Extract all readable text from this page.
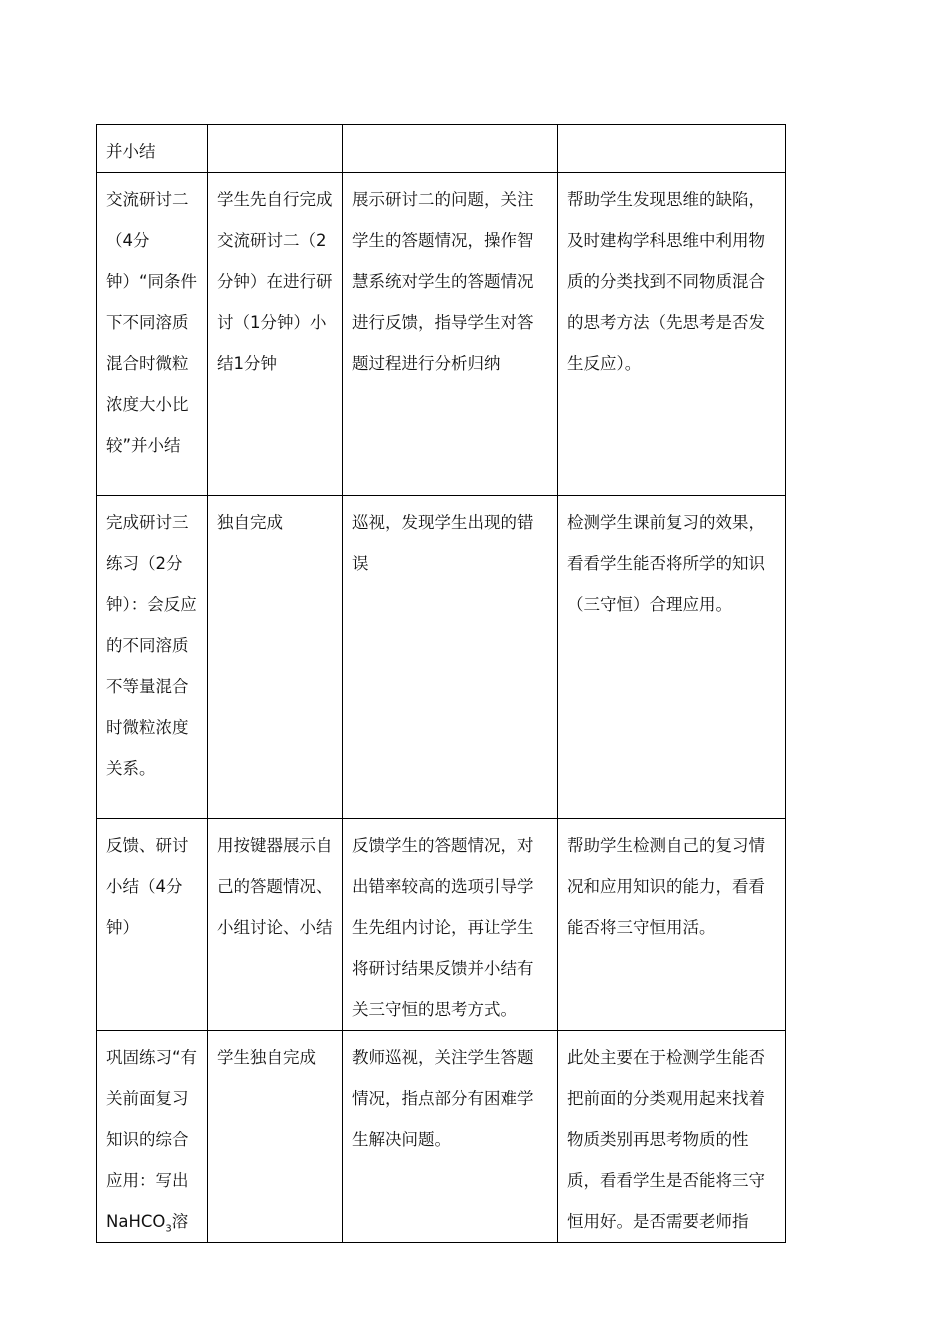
并小结			

交流研讨二（4分钟）“同条件下不同溶质混合时微粒浓度大小比较”并小结	学生先自行完成交流研讨二（2分钟）在进行研讨（1分钟）小结1分钟	展示研讨二的问题，关注学生的答题情况，操作智慧系统对学生的答题情况进行反馈，指导学生对答题过程进行分析归纳	帮助学生发现思维的缺陷，及时建构学科思维中利用物质的分类找到不同物质混合的思考方法（先思考是否发生反应）。

完成研讨三练习（2分钟）：会反应的不同溶质不等量混合时微粒浓度关系。	独自完成	巡视，发现学生出现的错误	检测学生课前复习的效果，看看学生能否将所学的知识（三守恒）合理应用。

反馈、研讨小结（4分钟）	用按键器展示自己的答题情况、小组讨论、小结	反馈学生的答题情况，对出错率较高的选项引导学生先组内讨论，再让学生将研讨结果反馈并小结有关三守恒的思考方式。	帮助学生检测自己的复习情况和应用知识的能力，看看能否将三守恒用活。

巩固练习“有关前面复习知识的综合应用：写出NaHCO$_3$溶	学生独自完成	教师巡视，关注学生答题情况，指点部分有困难学生解决问题。	此处主要在于检测学生能否把前面的分类观用起来找着物质类别再思考物质的性质，看看学生是否能将三守恒用好。是否需要老师指
